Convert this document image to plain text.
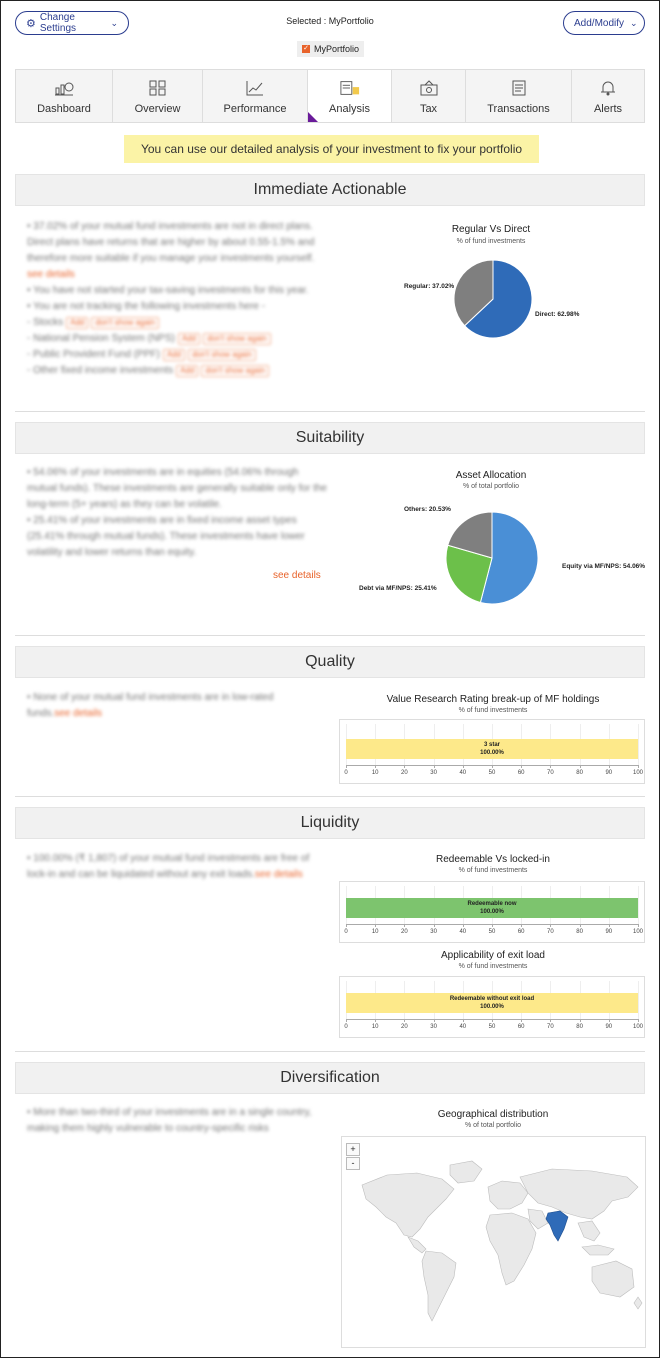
⚙ Change Settings
⌄	Selected : MyPortfolio	Add/Modify ⌄
✓ MyPortfolio
Dashboard	Overview	Performance	Analysis	Tax	Transactions	Alerts
You can use our detailed analysis of your investment to fix your portfolio
Immediate Actionable
• 37.02% of your mutual fund investments are not in direct plans. Direct plans have returns that are higher by about 0.55-1.5% and therefore more suitable if you manage your investments yourself. see details
• You have not started your tax-saving investments for this year.
• You are not tracking the following investments here -
- Stocks Add don't show again
- National Pension System (NPS) Add don't show again
- Public Provident Fund (PPF) Add don't show again
- Other fixed income investments Add don't show again
Regular Vs Direct
% of fund investments
Regular: 37.02%
Direct: 62.98%
Suitability
• 54.06% of your investments are in equities (54.06% through mutual funds). These investments are generally suitable only for the long-term (5+ years) as they can be volatile.
• 25.41% of your investments are in fixed income asset types (25.41% through mutual funds). These investments have lower volatility and lower returns than equity.
see details
Asset Allocation
% of total portfolio
Others: 20.53%
Equity via MF/NPS: 54.06%
Debt via MF/NPS: 25.41%
Quality
• None of your mutual fund investments are in low-rated funds.see details
Value Research Rating break-up of MF holdings
% of fund investments
3 star
100.00%
0	10	20	30	40	50	60	70	80	90	100
Liquidity
• 100.00% (₹ 1,807) of your mutual fund investments are free of lock-in and can be liquidated without any exit loads.see details
Redeemable Vs locked-in
% of fund investments
Redeemable now
100.00%
0	10	20	30	40	50	60	70	80	90	100
Applicability of exit load
% of fund investments
Redeemable without exit load
100.00%
0	10	20	30	40	50	60	70	80	90	100
Diversification
• More than two-third of your investments are in a single country, making them highly vulnerable to country-specific risks
Geographical distribution
% of total portfolio
+
-
